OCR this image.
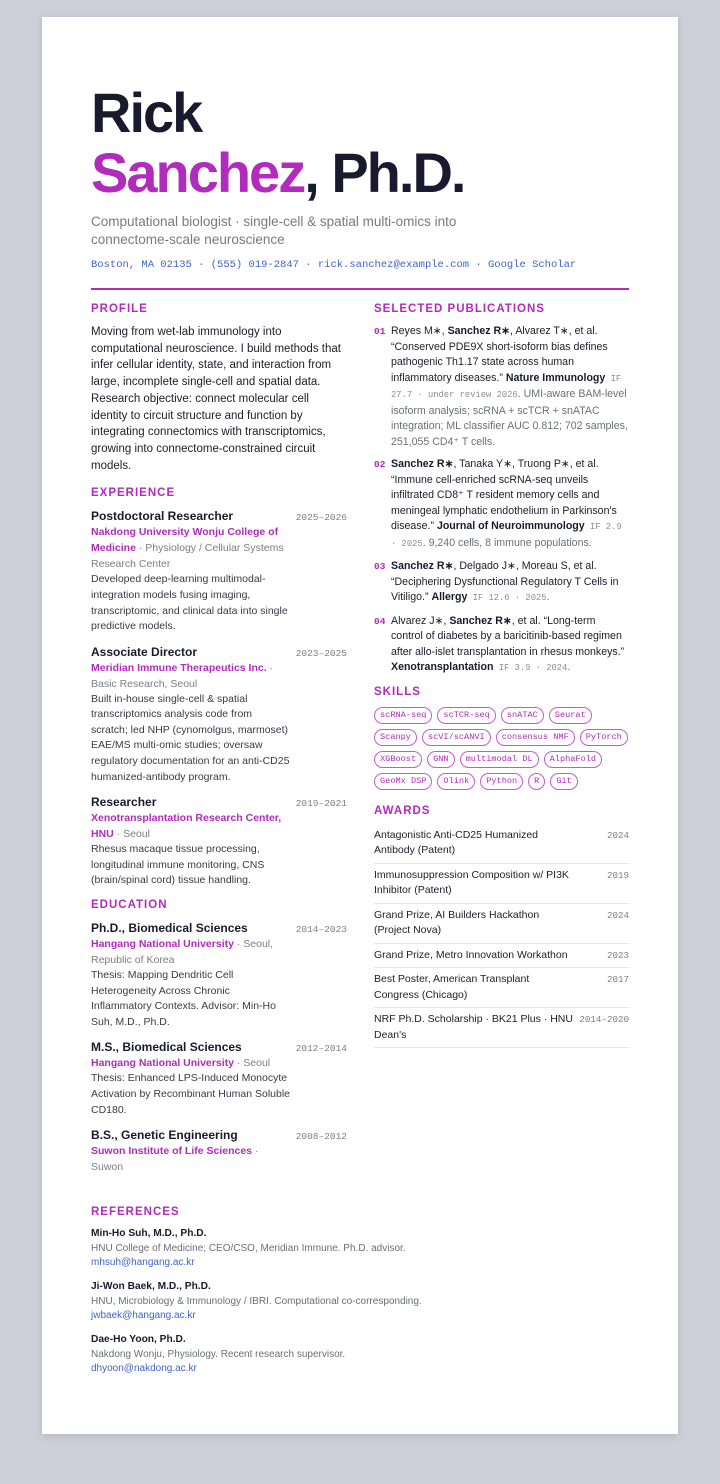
Rick
Sanchez, Ph.D.
Computational biologist · single-cell & spatial multi-omics into connectome-scale neuroscience
Boston, MA 02135 · (555) 019-2847 · rick.sanchez@example.com · Google Scholar
PROFILE
Moving from wet-lab immunology into computational neuroscience. I build methods that infer cellular identity, state, and interaction from large, incomplete single-cell and spatial data. Research objective: connect molecular cell identity to circuit structure and function by integrating connectomics with transcriptomics, growing into connectome-constrained circuit models.
EXPERIENCE
Postdoctoral Researcher	2025–2026
Nakdong University Wonju College of Medicine · Physiology / Cellular Systems Research Center
Developed deep-learning multimodal-integration models fusing imaging, transcriptomic, and clinical data into single predictive models.
Associate Director	2023–2025
Meridian Immune Therapeutics Inc. · Basic Research, Seoul
Built in-house single-cell & spatial transcriptomics analysis code from scratch; led NHP (cynomolgus, marmoset) EAE/MS multi-omic studies; oversaw regulatory documentation for an anti-CD25 humanized-antibody program.
Researcher	2019–2021
Xenotransplantation Research Center, HNU · Seoul
Rhesus macaque tissue processing, longitudinal immune monitoring, CNS (brain/spinal cord) tissue handling.
EDUCATION
Ph.D., Biomedical Sciences	2014–2023
Hangang National University · Seoul, Republic of Korea
Thesis: Mapping Dendritic Cell Heterogeneity Across Chronic Inflammatory Contexts. Advisor: Min-Ho Suh, M.D., Ph.D.
M.S., Biomedical Sciences	2012–2014
Hangang National University · Seoul
Thesis: Enhanced LPS-Induced Monocyte Activation by Recombinant Human Soluble CD180.
B.S., Genetic Engineering	2008–2012
Suwon Institute of Life Sciences · Suwon
SELECTED PUBLICATIONS
01 Reyes M∗, Sanchez R∗, Alvarez T∗, et al. “Conserved PDE9X short-isoform bias defines pathogenic Th1.17 state across human inflammatory diseases.” Nature Immunology IF 27.7 · under review 2026. UMI-aware BAM-level isoform analysis; scRNA + scTCR + snATAC integration; ML classifier AUC 0.812; 702 samples, 251,055 CD4⁺ T cells.
02 Sanchez R∗, Tanaka Y∗, Truong P∗, et al. “Immune cell-enriched scRNA-seq unveils infiltrated CD8⁺ T resident memory cells and meningeal lymphatic endothelium in Parkinson's disease.” Journal of Neuroimmunology IF 2.9 · 2025. 9,240 cells, 8 immune populations.
03 Sanchez R∗, Delgado J∗, Moreau S, et al. “Deciphering Dysfunctional Regulatory T Cells in Vitiligo.” Allergy IF 12.6 · 2025.
04 Alvarez J∗, Sanchez R∗, et al. “Long-term control of diabetes by a baricitinib-based regimen after allo-islet transplantation in rhesus monkeys.” Xenotransplantation IF 3.9 · 2024.
SKILLS
scRNA-seq	scTCR-seq	snATAC	Seurat
Scanpy	scVI/scANVI	consensus NMF	PyTorch
XGBoost	GNN	multimodal DL	AlphaFold
GeoMx DSP	Olink	Python	R	Git
AWARDS
Antagonistic Anti-CD25 Humanized Antibody (Patent)
2024
Immunosuppression Composition w/ PI3K Inhibitor (Patent)
2019
Grand Prize, AI Builders Hackathon (Project Nova)
2024
Grand Prize, Metro Innovation Workathon	2023
Best Poster, American Transplant Congress (Chicago)
2017
NRF Ph.D. Scholarship · BK21 Plus · HNU Dean's
2014–2020
REFERENCES
Min-Ho Suh, M.D., Ph.D.
HNU College of Medicine; CEO/CSO, Meridian Immune. Ph.D. advisor.
mhsuh@hangang.ac.kr
Ji-Won Baek, M.D., Ph.D.
HNU, Microbiology & Immunology / IBRI. Computational co-corresponding.
jwbaek@hangang.ac.kr
Dae-Ho Yoon, Ph.D.
Nakdong Wonju, Physiology. Recent research supervisor.
dhyoon@nakdong.ac.kr
